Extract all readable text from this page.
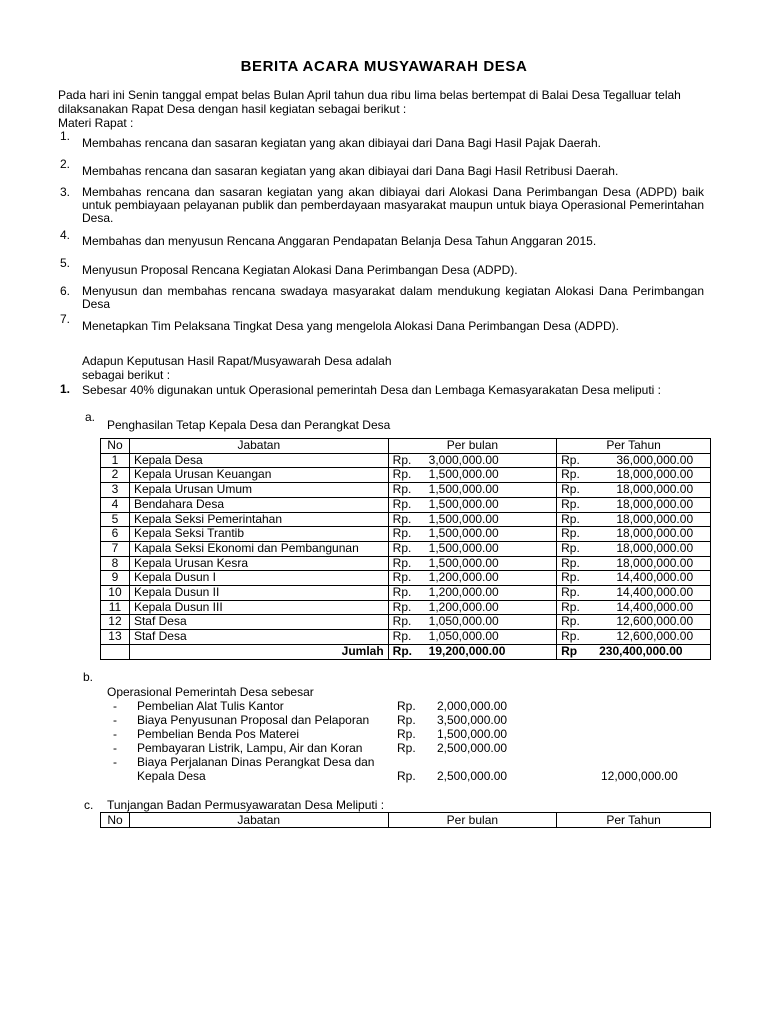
BERITA ACARA MUSYAWARAH DESA
Pada hari ini Senin tanggal empat belas Bulan April tahun dua ribu lima belas bertempat di Balai Desa Tegalluar telah dilaksanakan Rapat Desa dengan hasil kegiatan sebagai berikut :
Materi Rapat :
1. Membahas rencana dan sasaran kegiatan yang akan dibiayai dari Dana Bagi Hasil Pajak Daerah.
2. Membahas rencana dan sasaran kegiatan yang akan dibiayai dari Dana Bagi Hasil Retribusi Daerah.
3. Membahas rencana dan sasaran kegiatan yang akan dibiayai dari Alokasi Dana Perimbangan Desa (ADPD) baik untuk pembiayaan pelayanan publik dan pemberdayaan masyarakat maupun untuk biaya Operasional Pemerintahan Desa.
4. Membahas dan menyusun Rencana Anggaran Pendapatan Belanja Desa Tahun Anggaran 2015.
5. Menyusun Proposal Rencana Kegiatan Alokasi Dana Perimbangan Desa (ADPD).
6. Menyusun dan membahas rencana swadaya masyarakat dalam mendukung kegiatan Alokasi Dana Perimbangan Desa
7. Menetapkan Tim Pelaksana Tingkat Desa yang mengelola Alokasi Dana Perimbangan Desa (ADPD).
Adapun Keputusan Hasil Rapat/Musyawarah Desa adalah
sebagai berikut :
1. Sebesar 40% digunakan untuk Operasional pemerintah Desa dan Lembaga Kemasyarakatan Desa meliputi :
a.
Penghasilan Tetap Kepala Desa dan Perangkat Desa
No	Jabatan	Per bulan	Per Tahun
1	Kepala Desa	Rp. 3,000,000.00	Rp. 36,000,000.00
2	Kepala Urusan Keuangan	Rp. 1,500,000.00	Rp. 18,000,000.00
3	Kepala Urusan Umum	Rp. 1,500,000.00	Rp. 18,000,000.00
4	Bendahara Desa	Rp. 1,500,000.00	Rp. 18,000,000.00
5	Kepala Seksi Pemerintahan	Rp. 1,500,000.00	Rp. 18,000,000.00
6	Kepala Seksi Trantib	Rp. 1,500,000.00	Rp. 18,000,000.00
7	Kapala Seksi Ekonomi dan Pembangunan	Rp. 1,500,000.00	Rp. 18,000,000.00
8	Kepala Urusan Kesra	Rp. 1,500,000.00	Rp. 18,000,000.00
9	Kepala Dusun I	Rp. 1,200,000.00	Rp. 14,400,000.00
10	Kepala Dusun II	Rp. 1,200,000.00	Rp. 14,400,000.00
11	Kepala Dusun III	Rp. 1,200,000.00	Rp. 14,400,000.00
12	Staf Desa	Rp. 1,050,000.00	Rp. 12,600,000.00
13	Staf Desa	Rp. 1,050,000.00	Rp. 12,600,000.00
	Jumlah	Rp. 19,200,000.00	Rp 230,400,000.00
b.
Operasional Pemerintah Desa sebesar
- Pembelian Alat Tulis Kantor	Rp. 2,000,000.00
- Biaya Penyusunan Proposal dan Pelaporan Rp. 3,500,000.00
- Pembelian Benda Pos Materei	Rp. 1,500,000.00
- Pembayaran Listrik, Lampu, Air dan Koran	Rp. 2,500,000.00
- Biaya Perjalanan Dinas Perangkat Desa dan
Kepala Desa	Rp. 2,500,000.00	12,000,000.00
c. Tunjangan Badan Permusyawaratan Desa Meliputi :
No	Jabatan	Per bulan	Per Tahun
